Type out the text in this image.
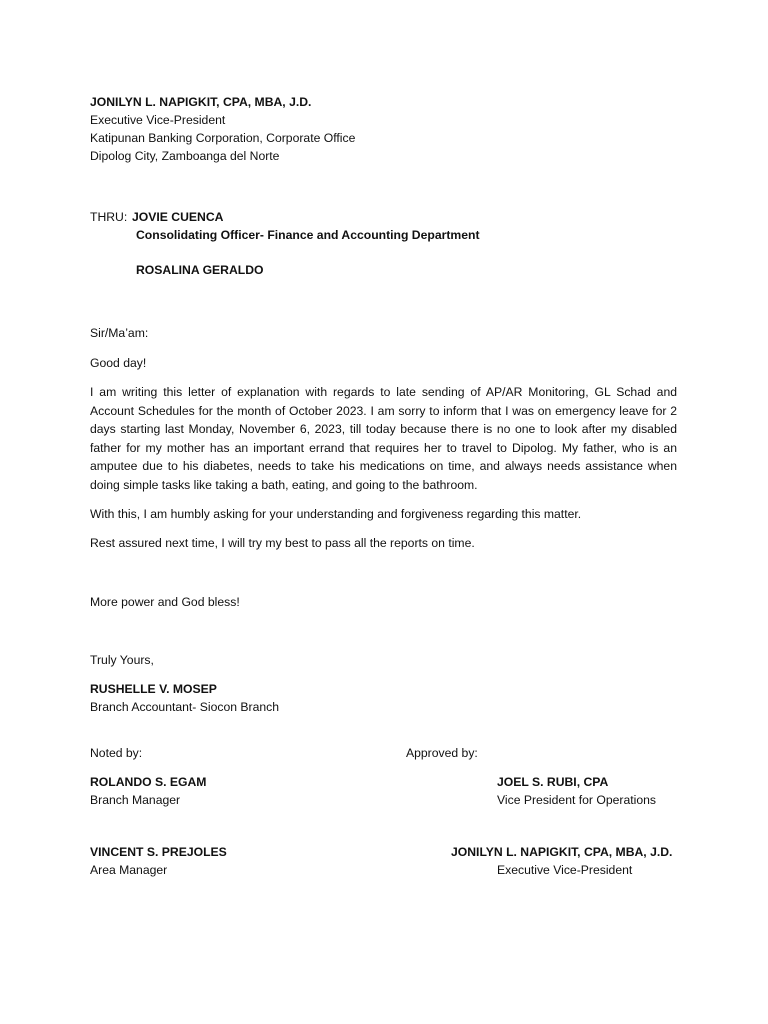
JONILYN L. NAPIGKIT, CPA, MBA, J.D.
Executive Vice-President
Katipunan Banking Corporation, Corporate Office
Dipolog City, Zamboanga del Norte
THRU: JOVIE CUENCA
Consolidating Officer- Finance and Accounting Department
ROSALINA GERALDO
Sir/Ma’am:
Good day!
I am writing this letter of explanation with regards to late sending of AP/AR Monitoring, GL Schad and Account Schedules for the month of October 2023. I am sorry to inform that I was on emergency leave for 2 days starting last Monday, November 6, 2023, till today because there is no one to look after my disabled father for my mother has an important errand that requires her to travel to Dipolog. My father, who is an amputee due to his diabetes, needs to take his medications on time, and always needs assistance when doing simple tasks like taking a bath, eating, and going to the bathroom.
With this, I am humbly asking for your understanding and forgiveness regarding this matter.
Rest assured next time, I will try my best to pass all the reports on time.
More power and God bless!
Truly Yours,
RUSHELLE V. MOSEP
Branch Accountant- Siocon Branch
Noted by:	Approved by:
ROLANDO S. EGAM
Branch Manager
VINCENT S. PREJOLES
Area Manager
JOEL S. RUBI, CPA
Vice President for Operations
JONILYN L. NAPIGKIT, CPA, MBA, J.D.
Executive Vice-President
